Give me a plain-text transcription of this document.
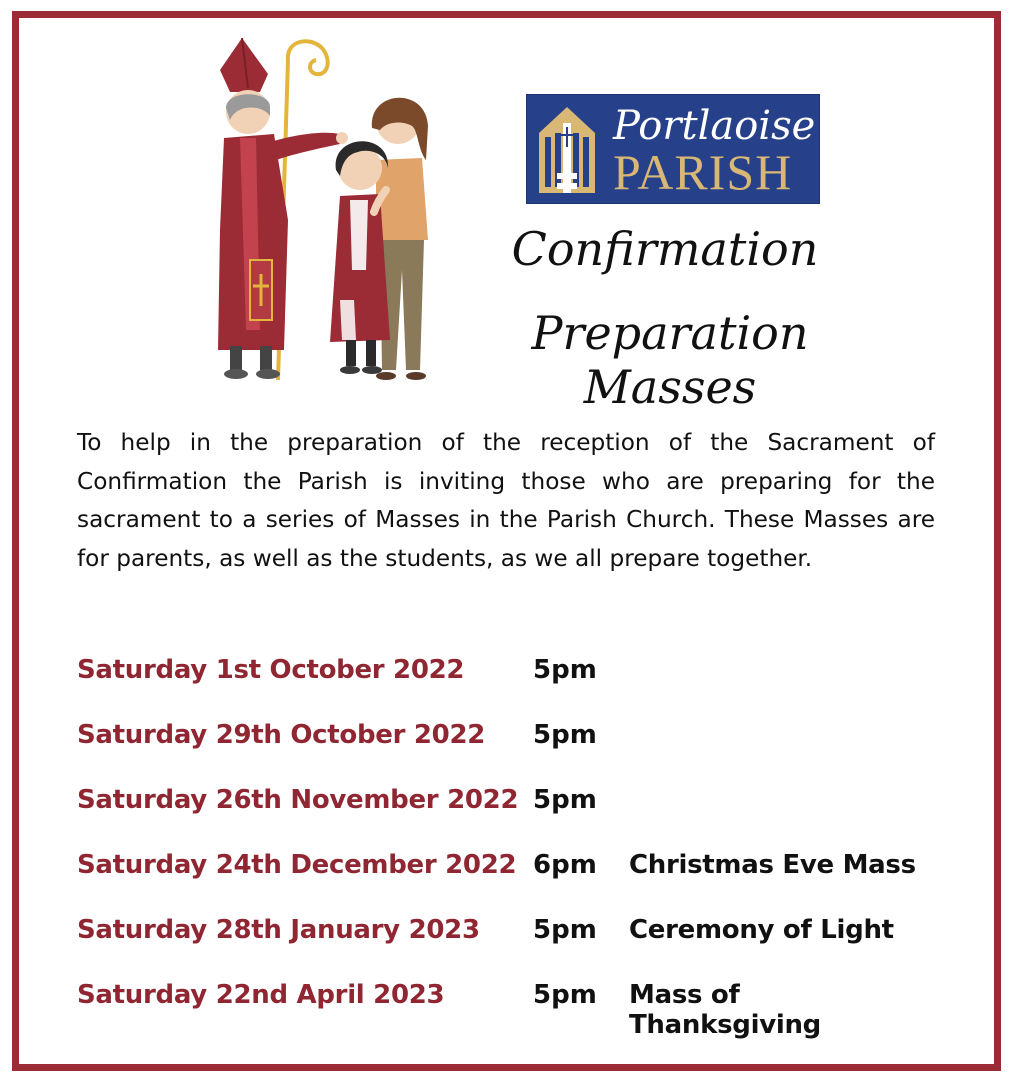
Portlaoise
PARISH
Confirmation
Preparation Masses

To help in the preparation of the reception of the Sacrament of Confirmation the Parish is inviting those who are preparing for the sacrament to a series of Masses in the Parish Church. These Masses are for parents, as well as the students, as we all prepare together.

Saturday 1st October 2022	5pm
Saturday 29th October 2022 5pm
Saturday 26th November 2022 5pm
Saturday 24th December 2022 6pm Christmas Eve Mass
Saturday 28th January 2023 5pm Ceremony of Light
Saturday 22nd April 2023	5pm Mass of Thanksgiving
